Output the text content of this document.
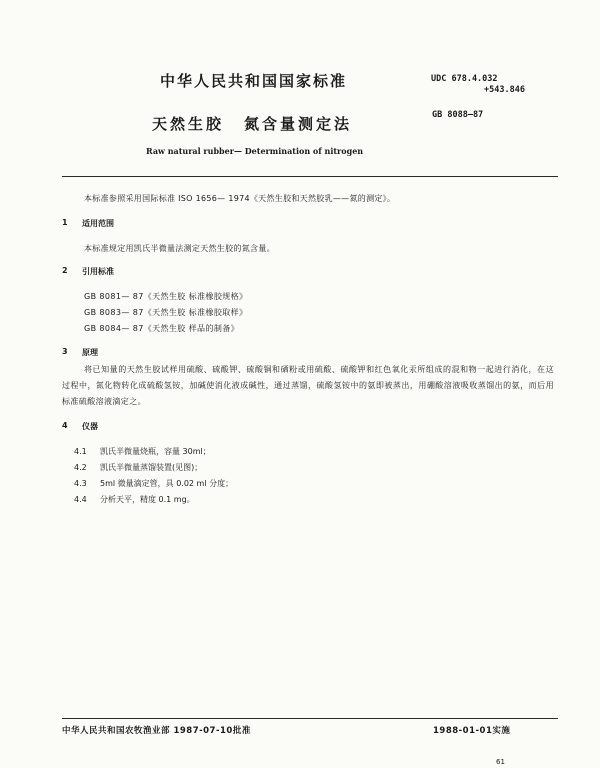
中华人民共和国国家标准
天然生胶 氮含量测定法
Raw natural rubber— Determination of nitrogen
UDC 678.4.032
+543.846
GB 8088—87
本标准参照采用国际标准 ISO 1656— 1974《天然生胶和天然胶乳——氮的测定》。
1 适用范围
本标准规定用凯氏半微量法测定天然生胶的氮含量。
2 引用标准
GB 8081— 87《天然生胶 标准橡胶规格》
GB 8083— 87《天然生胶 标准橡胶取样》
GB 8084— 87《天然生胶 样品的制备》
3 原理
将已知量的天然生胶试样用硫酸、硫酸钾、硫酸铜和硒粉或用硫酸、硫酸钾和红色氧化汞所组成的混和物一起进行消化，在这过程中，氮化物转化成硫酸氢铵，加碱使消化液成碱性，通过蒸馏，硫酸氢铵中的氨即被蒸出，用硼酸溶液吸收蒸馏出的氨，而后用标准硫酸溶液滴定之。
4 仪器
4.1 凯氏半微量烧瓶，容量 30ml；
4.2 凯氏半微量蒸馏装置(见图)；
4.3 5ml 微量滴定管，具 0.02 ml 分度；
4.4 分析天平，精度 0.1 mg。
中华人民共和国农牧渔业部 1987-07-10批准	1988-01-01实施
61
